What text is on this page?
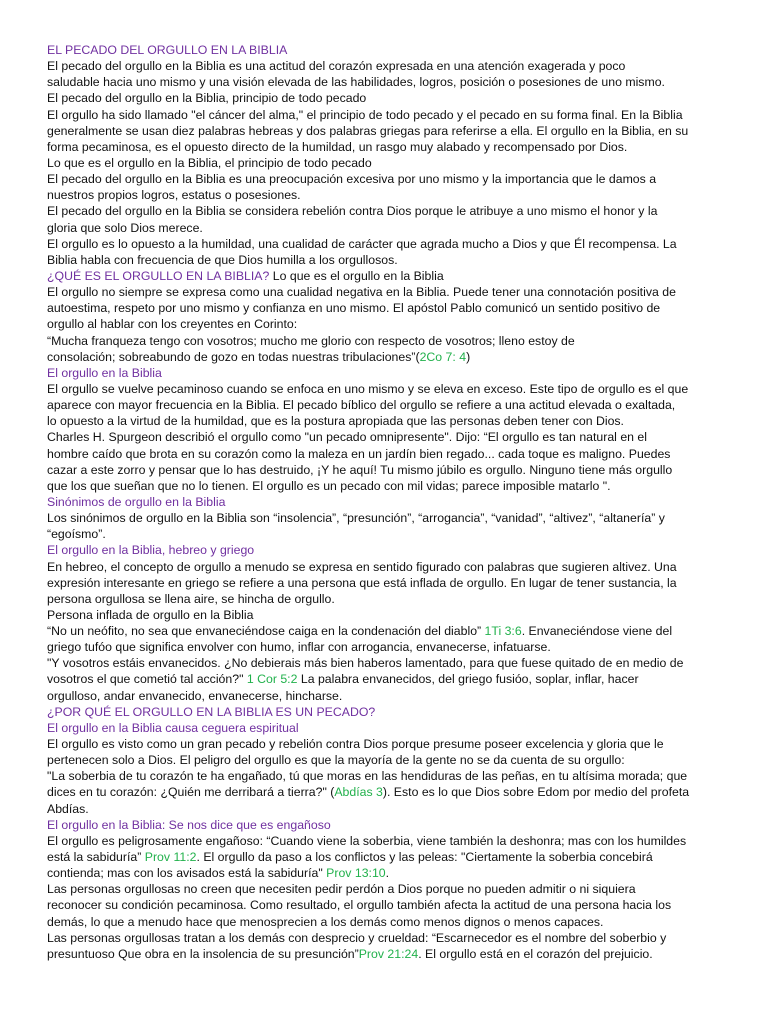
EL PECADO DEL ORGULLO EN LA BIBLIA
El pecado del orgullo en la Biblia es una actitud del corazón expresada en una atención exagerada y poco
saludable hacia uno mismo y una visión elevada de las habilidades, logros, posición o posesiones de uno mismo.
El pecado del orgullo en la Biblia, principio de todo pecado
El orgullo ha sido llamado "el cáncer del alma," el principio de todo pecado y el pecado en su forma final. En la Biblia
generalmente se usan diez palabras hebreas y dos palabras griegas para referirse a ella. El orgullo en la Biblia, en su
forma pecaminosa, es el opuesto directo de la humildad, un rasgo muy alabado y recompensado por Dios.
Lo que es el orgullo en la Biblia, el principio de todo pecado
El pecado del orgullo en la Biblia es una preocupación excesiva por uno mismo y la importancia que le damos a
nuestros propios logros, estatus o posesiones.
El pecado del orgullo en la Biblia se considera rebelión contra Dios porque le atribuye a uno mismo el honor y la
gloria que solo Dios merece.
El orgullo es lo opuesto a la humildad, una cualidad de carácter que agrada mucho a Dios y que Él recompensa. La
Biblia habla con frecuencia de que Dios humilla a los orgullosos.
¿QUÉ ES EL ORGULLO EN LA BIBLIA? Lo que es el orgullo en la Biblia
El orgullo no siempre se expresa como una cualidad negativa en la Biblia. Puede tener una connotación positiva de
autoestima, respeto por uno mismo y confianza en uno mismo. El apóstol Pablo comunicó un sentido positivo de
orgullo al hablar con los creyentes en Corinto:
“Mucha franqueza tengo con vosotros; mucho me glorio con respecto de vosotros; lleno estoy de
consolación; sobreabundo de gozo en todas nuestras tribulaciones”(2Co 7: 4)
El orgullo en la Biblia
El orgullo se vuelve pecaminoso cuando se enfoca en uno mismo y se eleva en exceso. Este tipo de orgullo es el que
aparece con mayor frecuencia en la Biblia. El pecado bíblico del orgullo se refiere a una actitud elevada o exaltada,
lo opuesto a la virtud de la humildad, que es la postura apropiada que las personas deben tener con Dios.
Charles H. Spurgeon describió el orgullo como "un pecado omnipresente". Dijo: “El orgullo es tan natural en el
hombre caído que brota en su corazón como la maleza en un jardín bien regado... cada toque es maligno. Puedes
cazar a este zorro y pensar que lo has destruido, ¡Y he aquí! Tu mismo júbilo es orgullo. Ninguno tiene más orgullo
que los que sueñan que no lo tienen. El orgullo es un pecado con mil vidas; parece imposible matarlo ".
Sinónimos de orgullo en la Biblia
Los sinónimos de orgullo en la Biblia son “insolencia”, “presunción”, “arrogancia”, “vanidad”, “altivez”, “altanería” y
“egoísmo”.
El orgullo en la Biblia, hebreo y griego
En hebreo, el concepto de orgullo a menudo se expresa en sentido figurado con palabras que sugieren altivez. Una
expresión interesante en griego se refiere a una persona que está inflada de orgullo. En lugar de tener sustancia, la
persona orgullosa se llena aire, se hincha de orgullo.
Persona inflada de orgullo en la Biblia
“No un neófito, no sea que envaneciéndose caiga en la condenación del diablo” 1Ti 3:6. Envaneciéndose viene del
griego tufóo que significa envolver con humo, inflar con arrogancia, envanecerse, infatuarse.
"Y vosotros estáis envanecidos. ¿No debierais más bien haberos lamentado, para que fuese quitado de en medio de
vosotros el que cometió tal acción?" 1 Cor 5:2 La palabra envanecidos, del griego fusióo, soplar, inflar, hacer
orgulloso, andar envanecido, envanecerse, hincharse.
¿POR QUÉ EL ORGULLO EN LA BIBLIA ES UN PECADO?
El orgullo en la Biblia causa ceguera espiritual
El orgullo es visto como un gran pecado y rebelión contra Dios porque presume poseer excelencia y gloria que le
pertenecen solo a Dios. El peligro del orgullo es que la mayoría de la gente no se da cuenta de su orgullo:
"La soberbia de tu corazón te ha engañado, tú que moras en las hendiduras de las peñas, en tu altísima morada; que
dices en tu corazón: ¿Quién me derribará a tierra?" (Abdías 3). Esto es lo que Dios sobre Edom por medio del profeta
Abdías.
El orgullo en la Biblia: Se nos dice que es engañoso
El orgullo es peligrosamente engañoso: “Cuando viene la soberbia, viene también la deshonra; mas con los humildes
está la sabiduría” Prov 11:2. El orgullo da paso a los conflictos y las peleas: "Ciertamente la soberbia concebirá
contienda; mas con los avisados está la sabiduría" Prov 13:10.
Las personas orgullosas no creen que necesiten pedir perdón a Dios porque no pueden admitir o ni siquiera
reconocer su condición pecaminosa. Como resultado, el orgullo también afecta la actitud de una persona hacia los
demás, lo que a menudo hace que menosprecien a los demás como menos dignos o menos capaces.
Las personas orgullosas tratan a los demás con desprecio y crueldad: “Escarnecedor es el nombre del soberbio y
presuntuoso Que obra en la insolencia de su presunción”Prov 21:24. El orgullo está en el corazón del prejuicio.
